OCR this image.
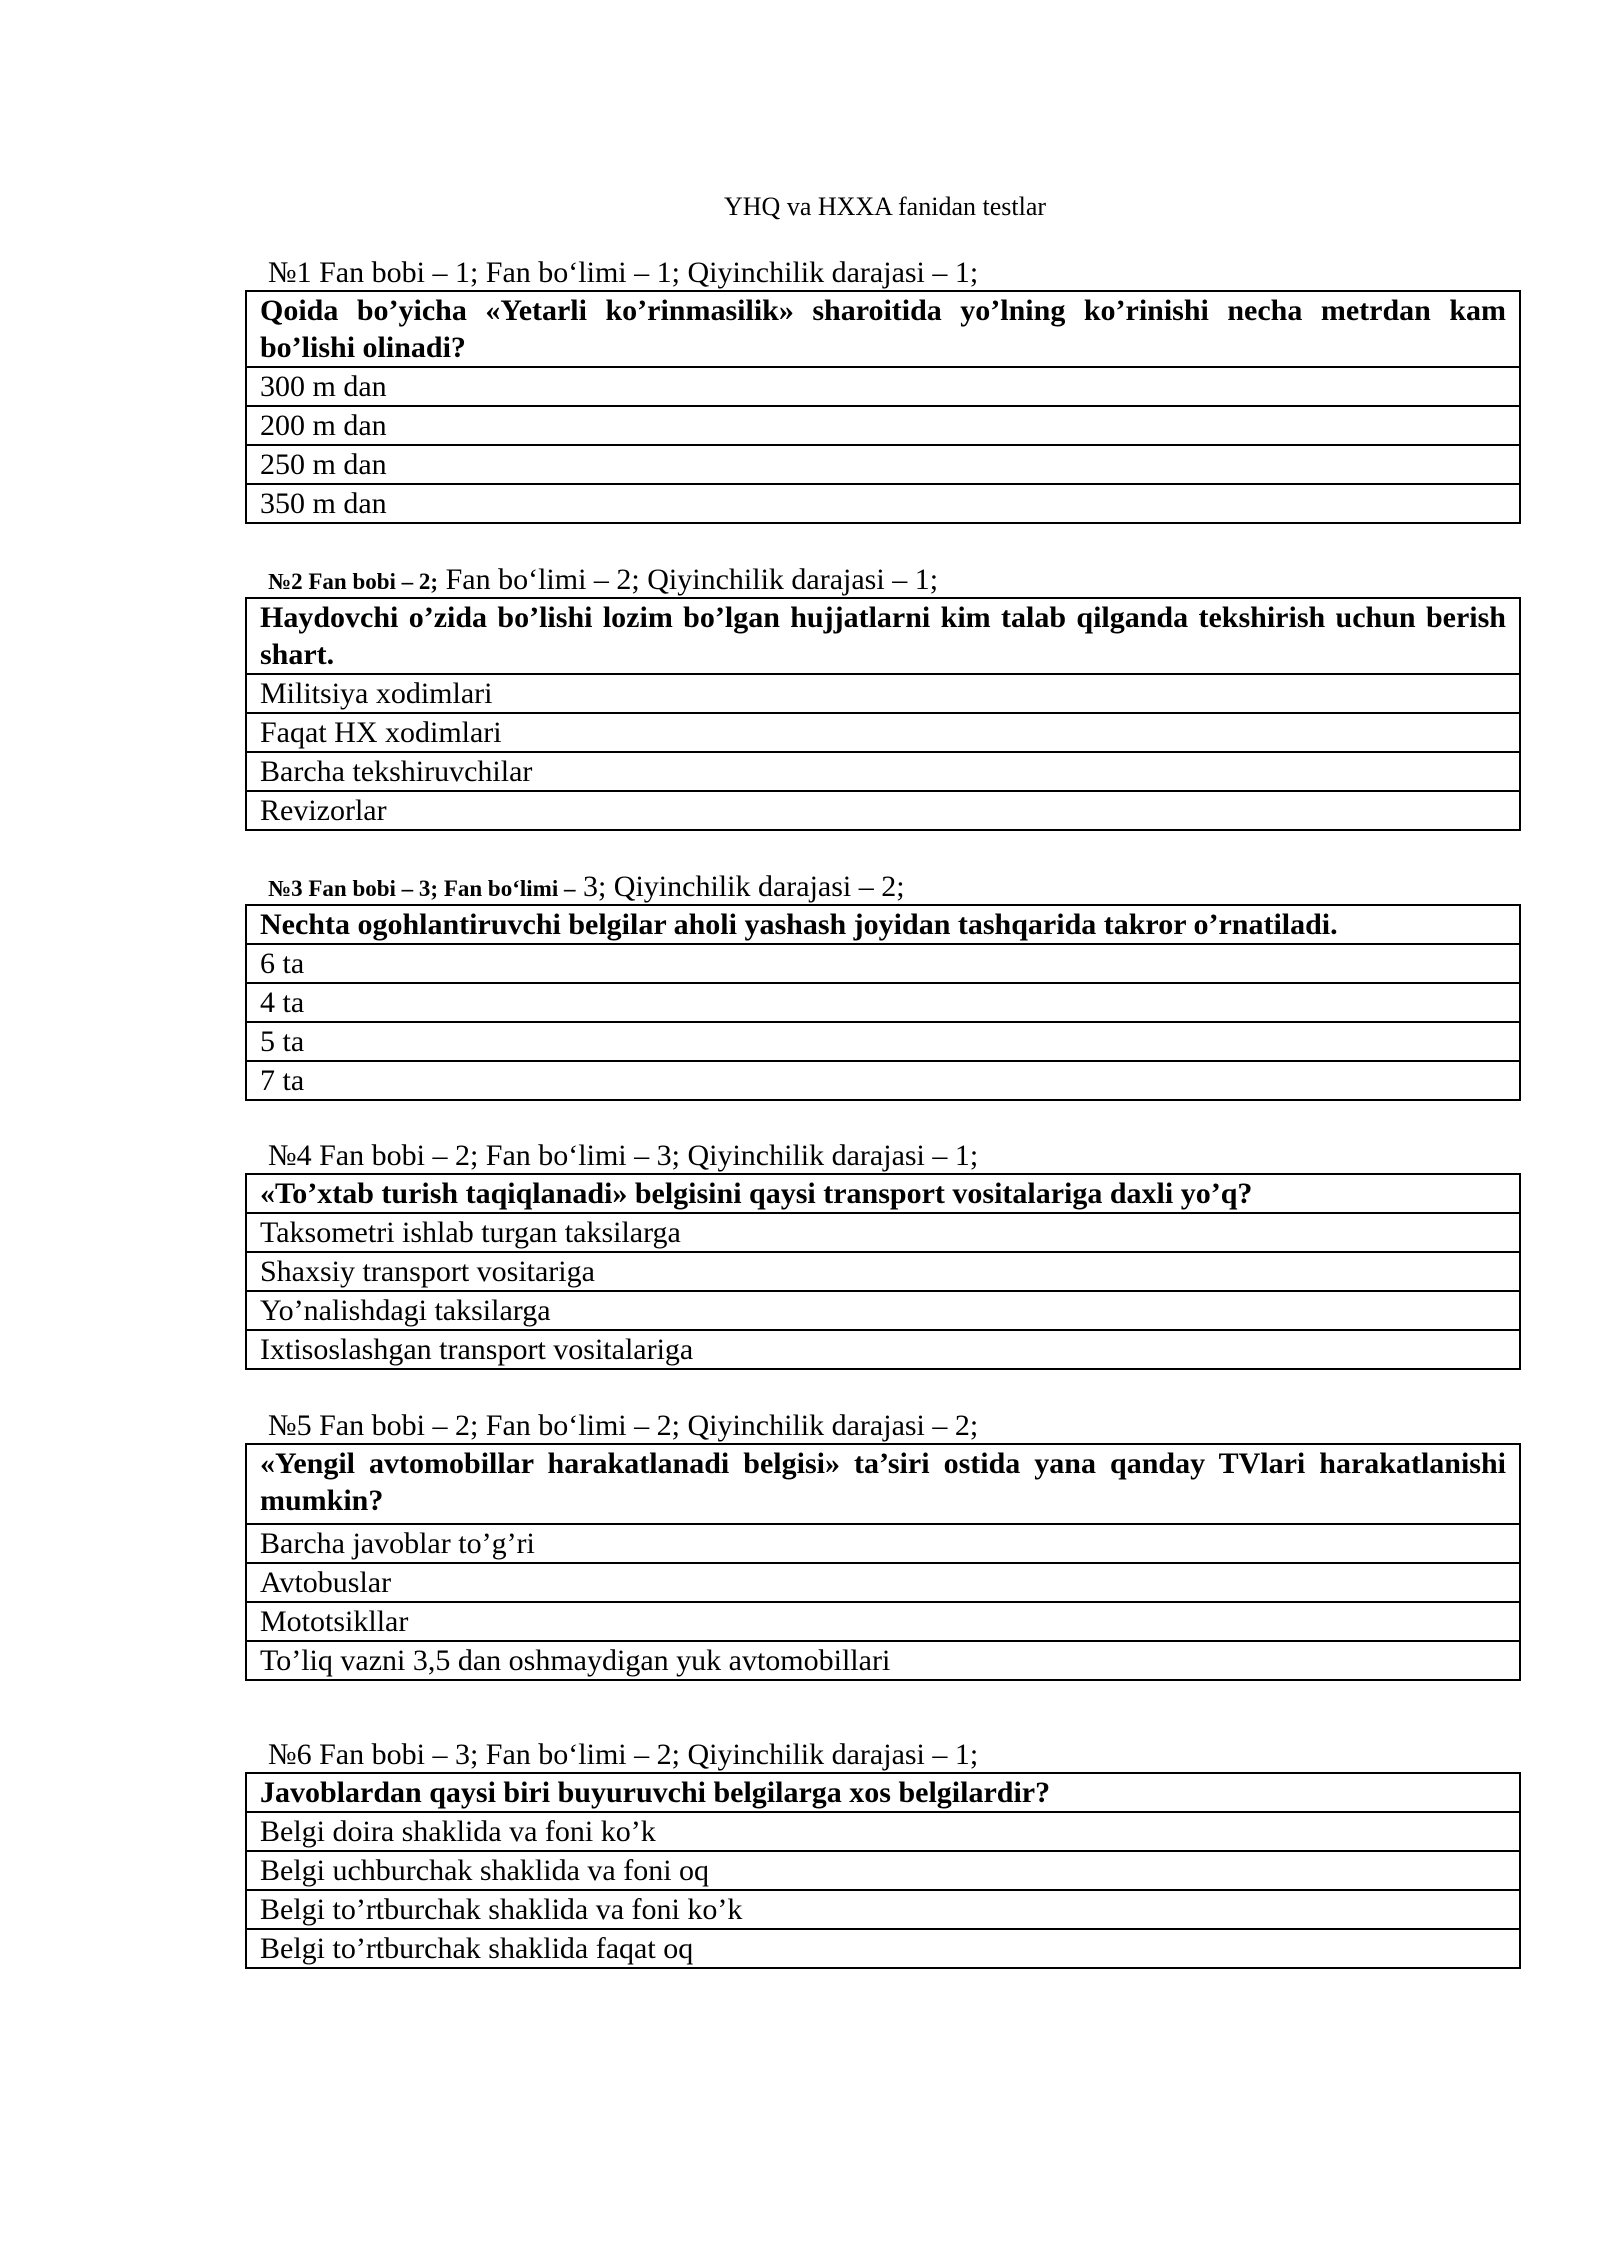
YHQ va HXXA fanidan testlar
№1 Fan bobi – 1; Fan bo‘limi – 1; Qiyinchilik darajasi – 1;
Qoida bo’yicha «Yetarli ko’rinmasilik» sharoitida yo’lning ko’rinishi necha metrdan kam bo’lishi olinadi?
300 m dan
200 m dan
250 m dan
350 m dan
№2 Fan bobi – 2; Fan bo‘limi – 2; Qiyinchilik darajasi – 1;
Haydovchi o’zida bo’lishi lozim bo’lgan hujjatlarni kim talab qilganda tekshirish uchun berish shart.
Militsiya xodimlari
Faqat HX xodimlari
Barcha tekshiruvchilar
Revizorlar
№3 Fan bobi – 3; Fan bo‘limi – 3; Qiyinchilik darajasi – 2;
Nechta ogohlantiruvchi belgilar aholi yashash joyidan tashqarida takror o’rnatiladi.
6 ta
4 ta
5 ta
7 ta
№4 Fan bobi – 2; Fan bo‘limi – 3; Qiyinchilik darajasi – 1;
«To’xtab turish taqiqlanadi» belgisini qaysi transport vositalariga daxli yo’q?
Taksometri ishlab turgan taksilarga
Shaxsiy transport vositariga
Yo’nalishdagi taksilarga
Ixtisoslashgan transport vositalariga
№5 Fan bobi – 2; Fan bo‘limi – 2; Qiyinchilik darajasi – 2;
«Yengil avtomobillar harakatlanadi belgisi» ta’siri ostida yana qanday TVlari harakatlanishi mumkin?
Barcha javoblar to’g’ri
Avtobuslar
Mototsikllar
To’liq vazni 3,5 dan oshmaydigan yuk avtomobillari
№6 Fan bobi – 3; Fan bo‘limi – 2; Qiyinchilik darajasi – 1;
Javoblardan qaysi biri buyuruvchi belgilarga xos belgilardir?
Belgi doira shaklida va foni ko’k
Belgi uchburchak shaklida va foni oq
Belgi to’rtburchak shaklida va foni ko’k
Belgi to’rtburchak shaklida faqat oq
